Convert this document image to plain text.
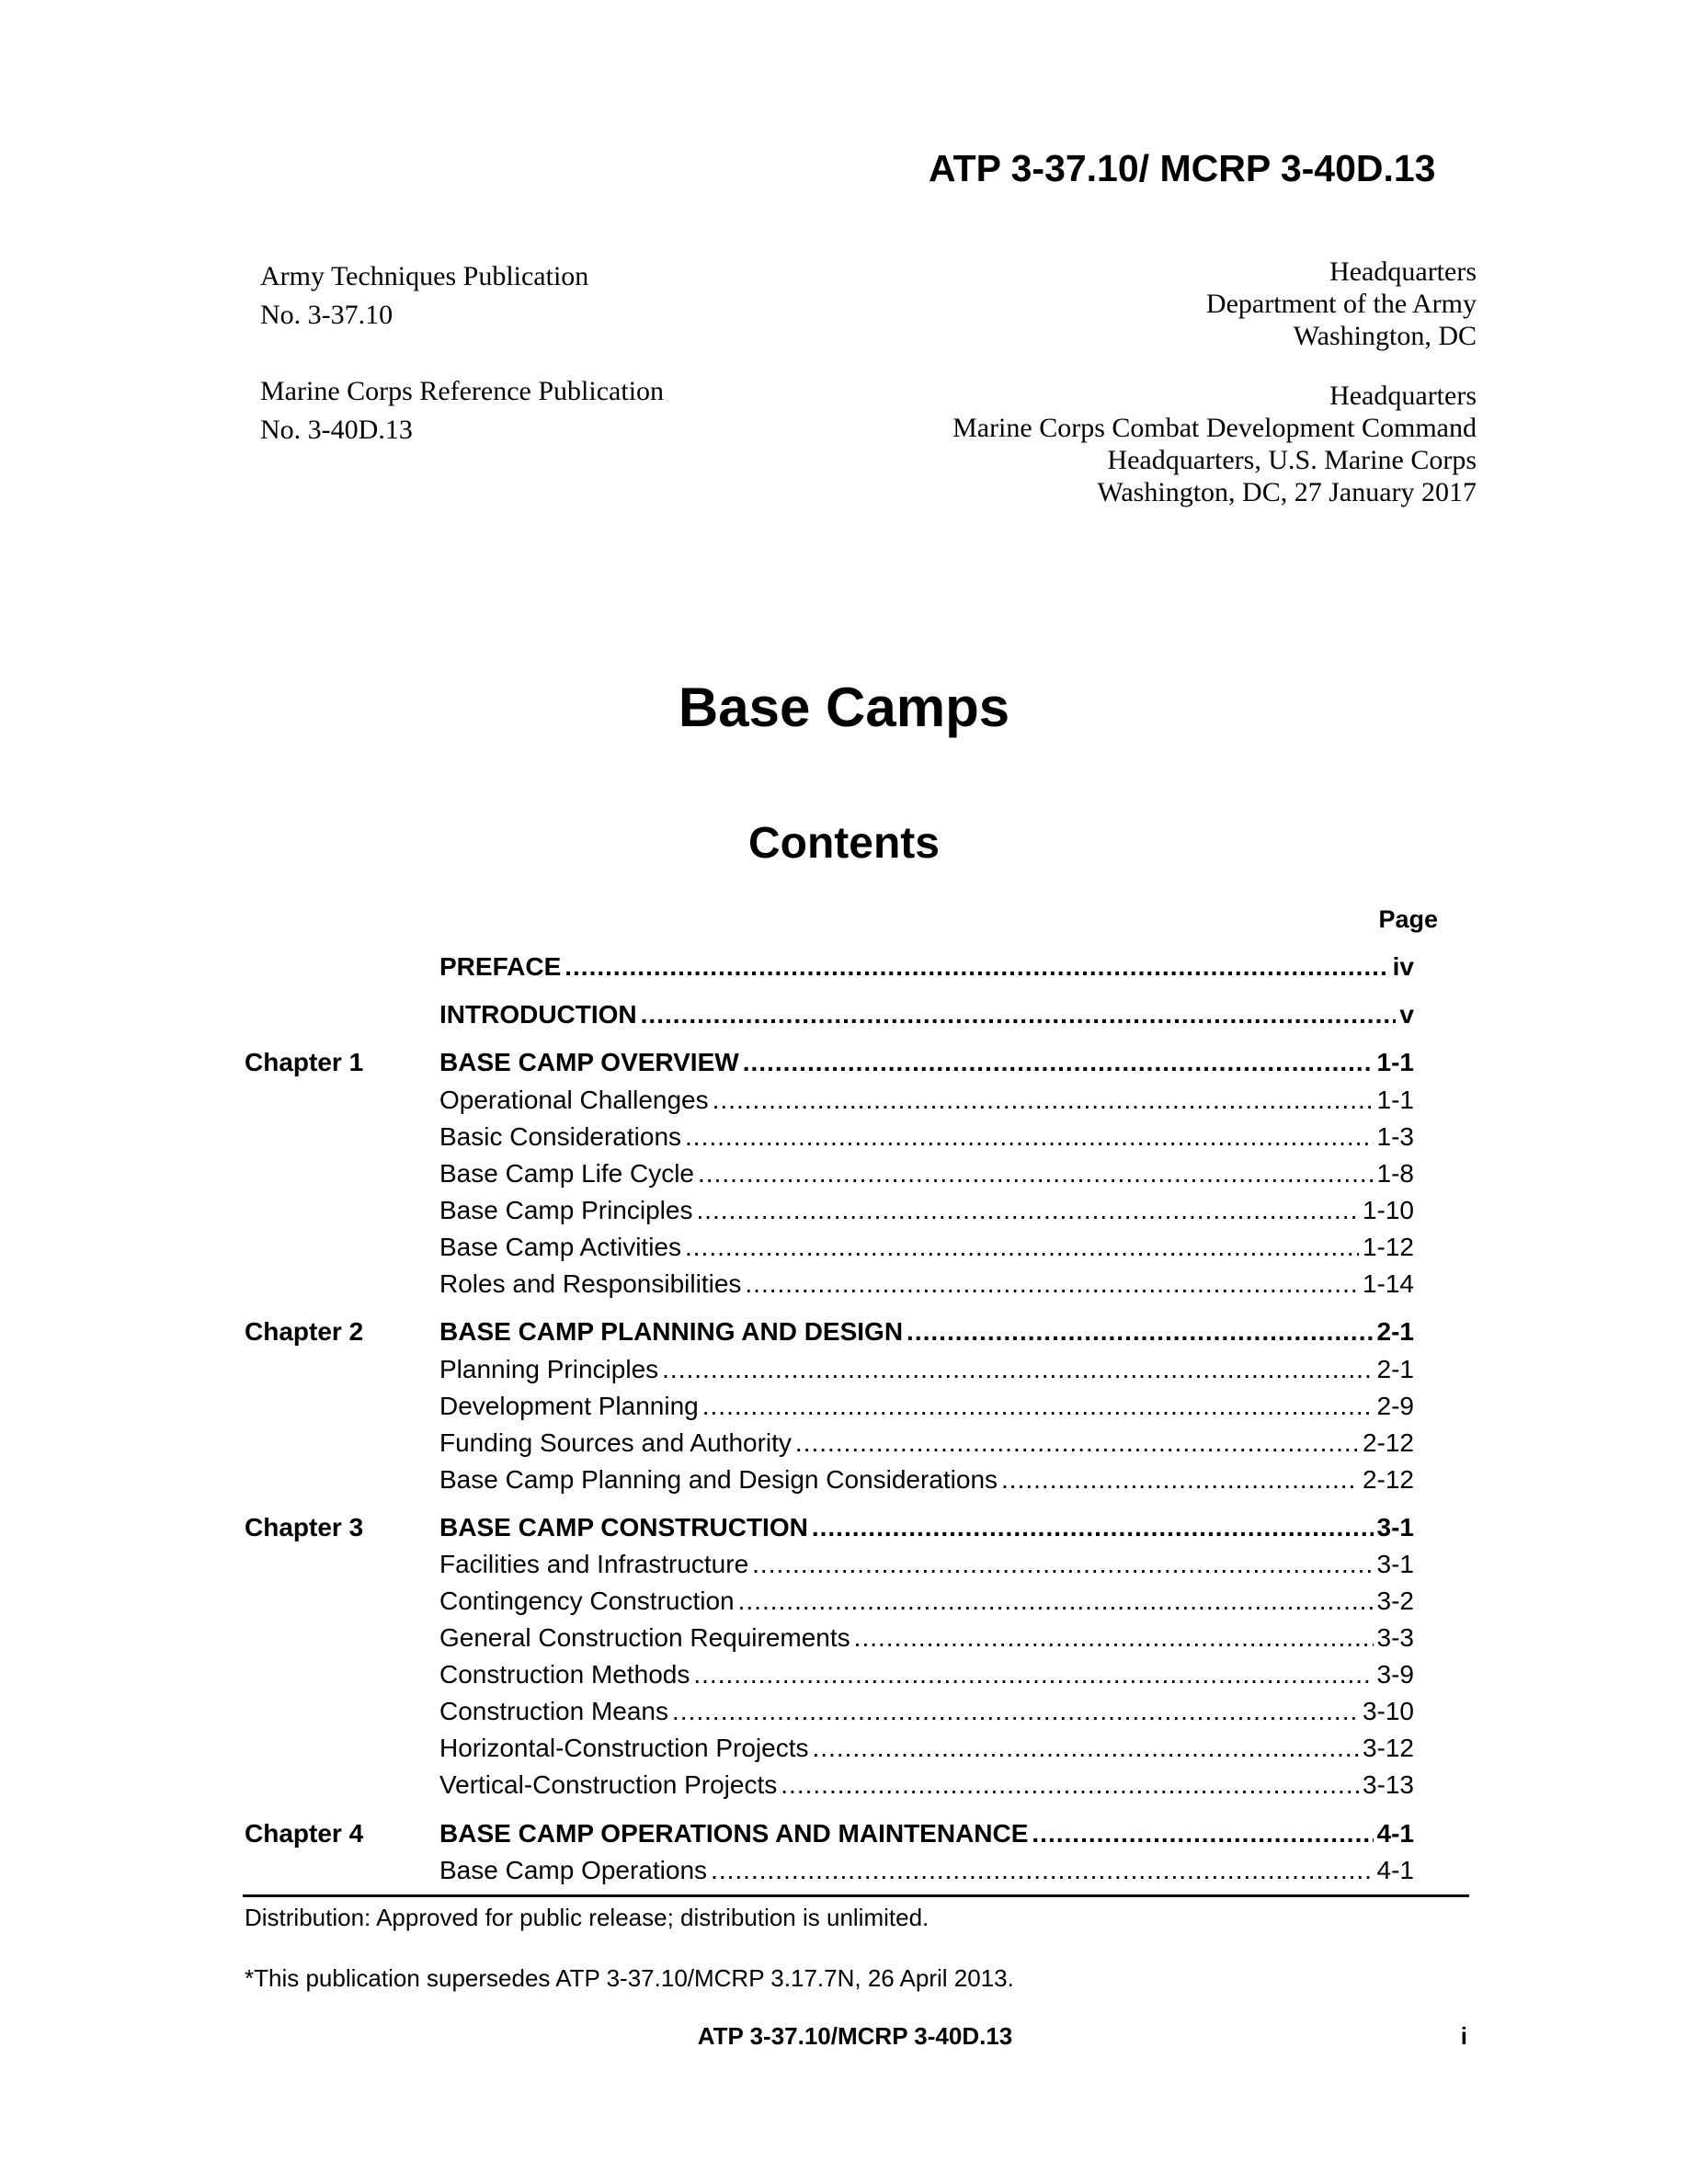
ATP 3-37.10/ MCRP 3-40D.13
Army Techniques Publication
No. 3-37.10
Marine Corps Reference Publication
No. 3-40D.13
Headquarters
Department of the Army
Washington, DC
Headquarters
Marine Corps Combat Development Command
Headquarters, U.S. Marine Corps
Washington, DC, 27 January 2017
Base Camps
Contents
Page
PREFACE .....	iv
INTRODUCTION .....	v
Chapter 1	BASE CAMP OVERVIEW .....	1-1
Operational Challenges .....	1-1
Basic Considerations .....	1-3
Base Camp Life Cycle .....	1-8
Base Camp Principles .....	1-10
Base Camp Activities .....	1-12
Roles and Responsibilities .....	1-14
Chapter 2	BASE CAMP PLANNING AND DESIGN .....	2-1
Planning Principles .....	2-1
Development Planning .....	2-9
Funding Sources and Authority .....	2-12
Base Camp Planning and Design Considerations .....	2-12
Chapter 3	BASE CAMP CONSTRUCTION .....	3-1
Facilities and Infrastructure .....	3-1
Contingency Construction .....	3-2
General Construction Requirements .....	3-3
Construction Methods .....	3-9
Construction Means .....	3-10
Horizontal-Construction Projects .....	3-12
Vertical-Construction Projects .....	3-13
Chapter 4	BASE CAMP OPERATIONS AND MAINTENANCE .....	4-1
Base Camp Operations .....	4-1
Distribution: Approved for public release; distribution is unlimited.
*This publication supersedes ATP 3-37.10/MCRP 3.17.7N, 26 April 2013.
ATP 3-37.10/MCRP 3-40D.13	i
